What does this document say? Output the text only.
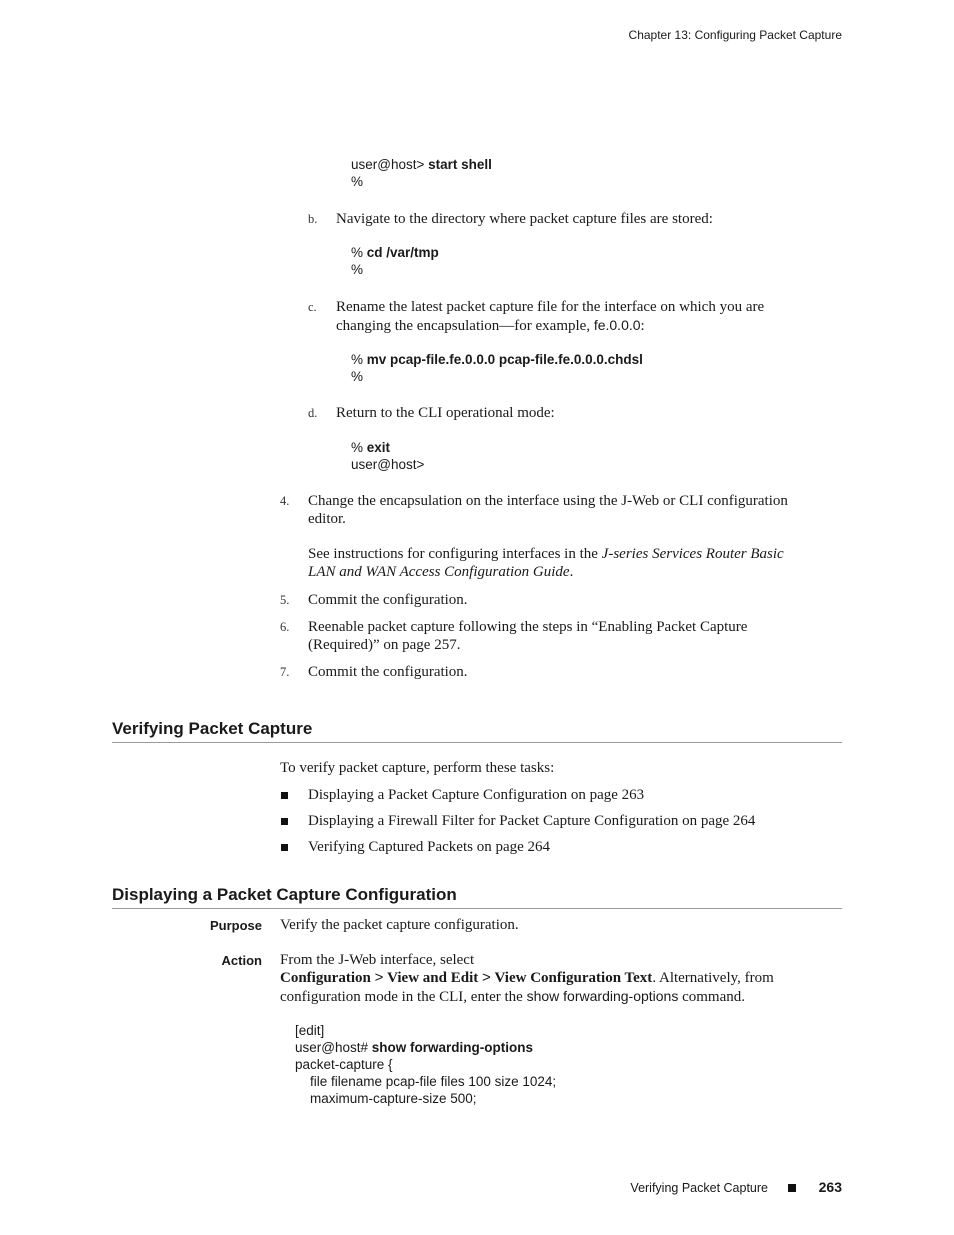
Chapter 13: Configuring Packet Capture
user@host> start shell
%
b. Navigate to the directory where packet capture files are stored:
% cd /var/tmp
%
c. Rename the latest packet capture file for the interface on which you are
changing the encapsulation—for example, fe.0.0.0:
% mv pcap-file.fe.0.0.0 pcap-file.fe.0.0.0.chdsl
%
d. Return to the CLI operational mode:
% exit
user@host>
4. Change the encapsulation on the interface using the J-Web or CLI configuration
editor.
See instructions for configuring interfaces in the J-series Services Router Basic
LAN and WAN Access Configuration Guide.
5. Commit the configuration.
6. Reenable packet capture following the steps in “Enabling Packet Capture
(Required)” on page 257.
7. Commit the configuration.
Verifying Packet Capture
To verify packet capture, perform these tasks:
Displaying a Packet Capture Configuration on page 263
Displaying a Firewall Filter for Packet Capture Configuration on page 264
Verifying Captured Packets on page 264
Displaying a Packet Capture Configuration
Purpose Verify the packet capture configuration.
Action From the J-Web interface, select
Configuration > View and Edit > View Configuration Text. Alternatively, from
configuration mode in the CLI, enter the show forwarding-options command.
[edit]
user@host# show forwarding-options
packet-capture {
file filename pcap-file files 100 size 1024;
maximum-capture-size 500;
Verifying Packet Capture	263
